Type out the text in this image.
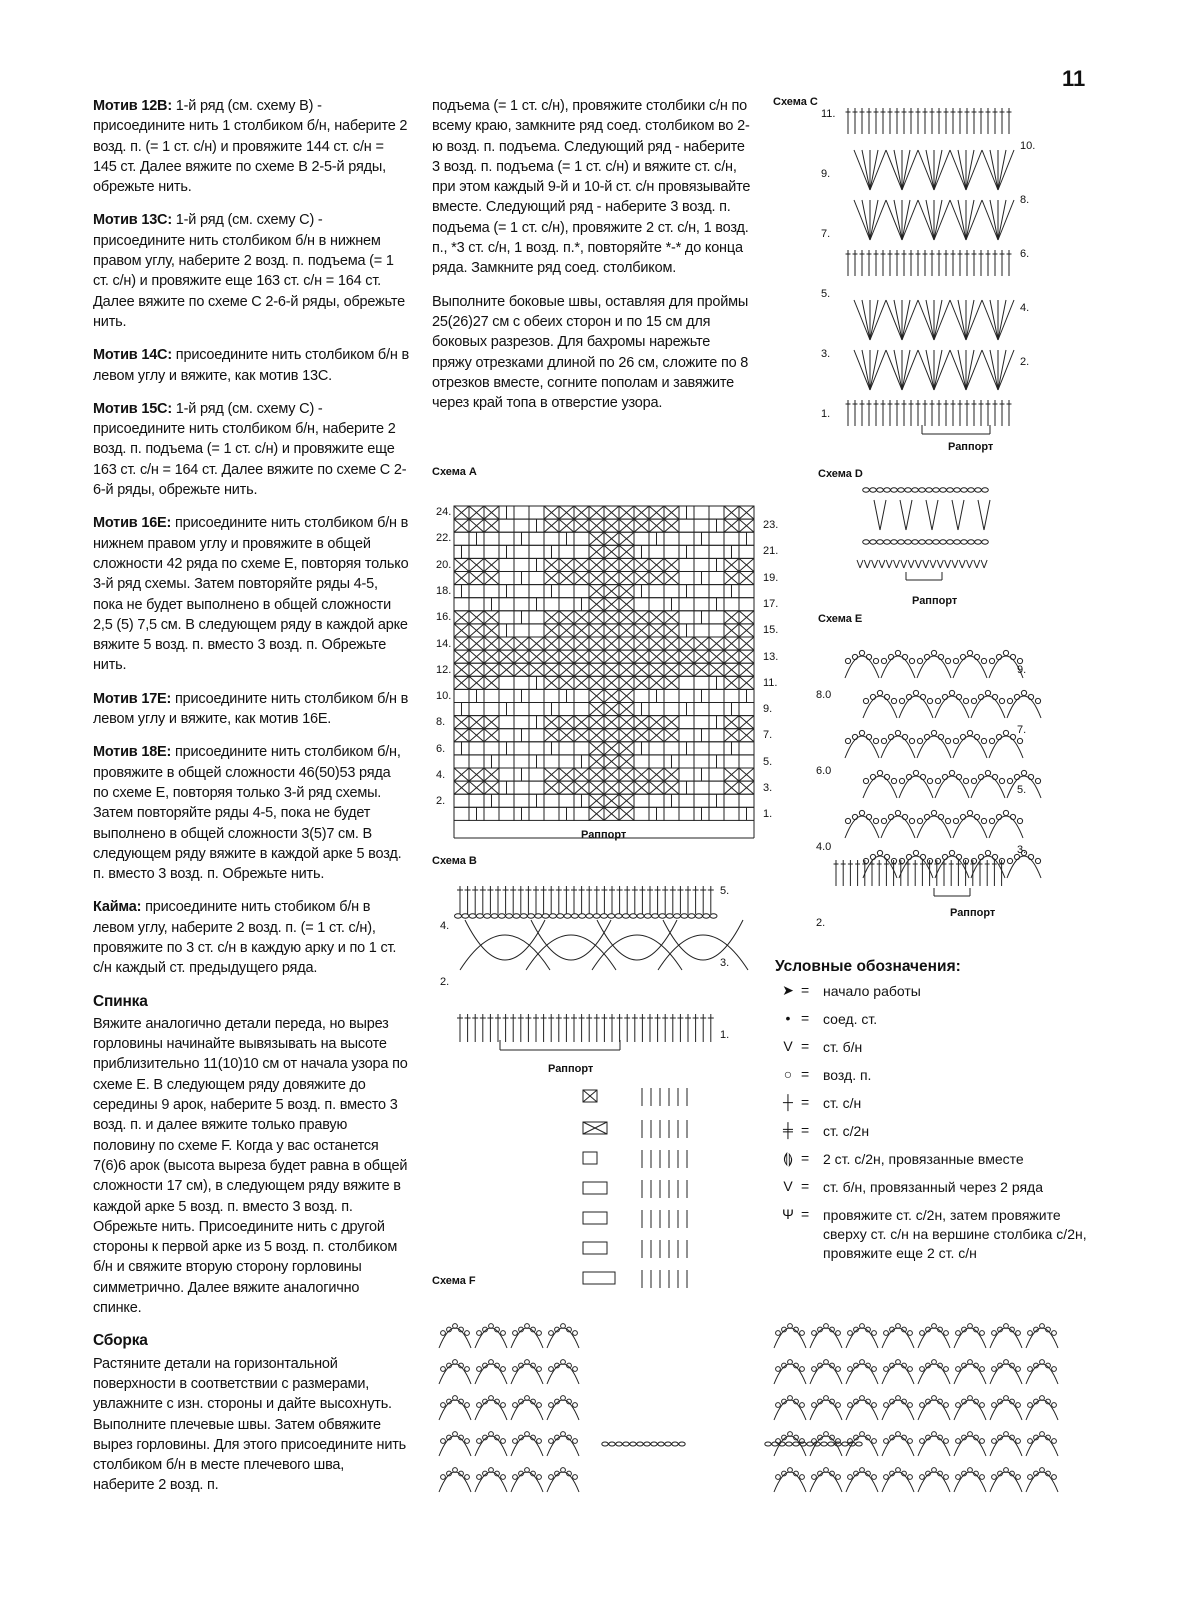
11

Мотив 12В: 1-й ряд (см. схему В) - присоедините нить 1 столбиком б/н, наберите 2 возд. п. (= 1 ст. с/н) и провяжите 144 ст. с/н = 145 ст. Далее вяжите по схеме В 2-5-й ряды, обрежьте нить.

Мотив 13С: 1-й ряд (см. схему С) - присоедините нить столбиком б/н в нижнем правом углу, наберите 2 возд. п. подъема (= 1 ст. с/н) и провяжите еще 163 ст. с/н = 164 ст. Далее вяжите по схеме С 2-6-й ряды, обрежьте нить.

Мотив 14С: присоедините нить столбиком б/н в левом углу и вяжите, как мотив 13С.

Мотив 15С: 1-й ряд (см. схему С) - присоедините нить столбиком б/н, наберите 2 возд. п. подъема (= 1 ст. с/н) и провяжите еще 163 ст. с/н = 164 ст. Далее вяжите по схеме С 2-6-й ряды, обрежьте нить.

Мотив 16Е: присоедините нить столбиком б/н в нижнем правом углу и провяжите в общей сложности 42 ряда по схеме Е, повторяя только 3-й ряд схемы. Затем повторяйте ряды 4-5, пока не будет выполнено в общей сложности 2,5 (5) 7,5 см. В следующем ряду в каждой арке вяжите 5 возд. п. вместо 3 возд. п. Обрежьте нить.

Мотив 17Е: присоедините нить столбиком б/н в левом углу и вяжите, как мотив 16Е.

Мотив 18Е: присоедините нить столбиком б/н, провяжите в общей сложности 46(50)53 ряда по схеме Е, повторяя только 3-й ряд схемы. Затем повторяйте ряды 4-5, пока не будет выполнено в общей сложности 3(5)7 см. В следующем ряду вяжите в каждой арке 5 возд. п. вместо 3 возд. п. Обрежьте нить.

Кайма: присоедините нить стобиком б/н в левом углу, наберите 2 возд. п. (= 1 ст. с/н), провяжите по 3 ст. с/н в каждую арку и по 1 ст. с/н каждый ст. предыдущего ряда.

Спинка

Вяжите аналогично детали переда, но вырез горловины начинайте вывязывать на высоте приблизительно 11(10)10 см от начала узора по схеме Е. В следующем ряду довяжите до середины 9 арок, наберите 5 возд. п. вместо 3 возд. п. и далее вяжите только правую половину по схеме F. Когда у вас останется 7(6)6 арок (высота выреза будет равна в общей сложности 17 см), в следующем ряду вяжите в каждой арке 5 возд. п. вместо 3 возд. п. Обрежьте нить. Присоедините нить с другой стороны к первой арке из 5 возд. п. столбиком б/н и свяжите вторую сторону горловины симметрично. Далее вяжите аналогично спинке.

Сборка

Растяните детали на горизонтальной поверхности в соответствии с размерами, увлажните с изн. стороны и дайте высохнуть. Выполните плечевые швы. Затем обвяжите вырез горловины. Для этого присоедините нить столбиком б/н в месте плечевого шва, наберите 2 возд. п.

подъема (= 1 ст. с/н), провяжите столбики с/н по всему краю, замкните ряд соед. столбиком во 2-ю возд. п. подъема. Следующий ряд - наберите 3 возд. п. подъема (= 1 ст. с/н) и вяжите ст. с/н, при этом каждый 9-й и 10-й ст. с/н провязывайте вместе. Следующий ряд - наберите 3 возд. п. подъема (= 1 ст. с/н), провяжите 2 ст. с/н, 1 возд. п., *3 ст. с/н, 1 возд. п.*, повторяйте *-* до конца ряда. Замкните ряд соед. столбиком.

Выполните боковые швы, оставляя для проймы 25(26)27 см с обеих сторон и по 15 см для боковых разрезов. Для бахромы нарежьте пряжу отрезками длиной по 26 см, сложите по 8 отрезков вместе, согните пополам и завяжите через край топа в отверстие узора.

Схема А
Схема В
Схема С
Схема D
Схема Е
Схема F
Раппорт
Раппорт
Раппорт
Раппорт
Раппорт
24.
22.
20.
18.
16.
14.
12.
10.
8.
6.
4.
2.
23.
21.
19.
17.
15.
13.
11.
9.
7.
5.
3.
1.
11.
9.
7.
5.
3.
1.
10.
8.
6.
4.
2.
8.0
6.0
4.0
2.
9.
7.
5.
3.
4.
2.
5.
3.
1.
Условные обозначения:
➤ = начало работы
• = соед. ст.
V = ст. б/н
○ = возд. п.
┼ = ст. с/н
╪ = ст. с/2н
⟬⟭ = 2 ст. с/2н, провязанные вместе
V = ст. б/н, провязанный через 2 ряда
Ψ = провяжите ст. с/2н, затем провяжите сверху ст. с/н на вершине столбика с/2н, провяжите еще 2 ст. с/н
